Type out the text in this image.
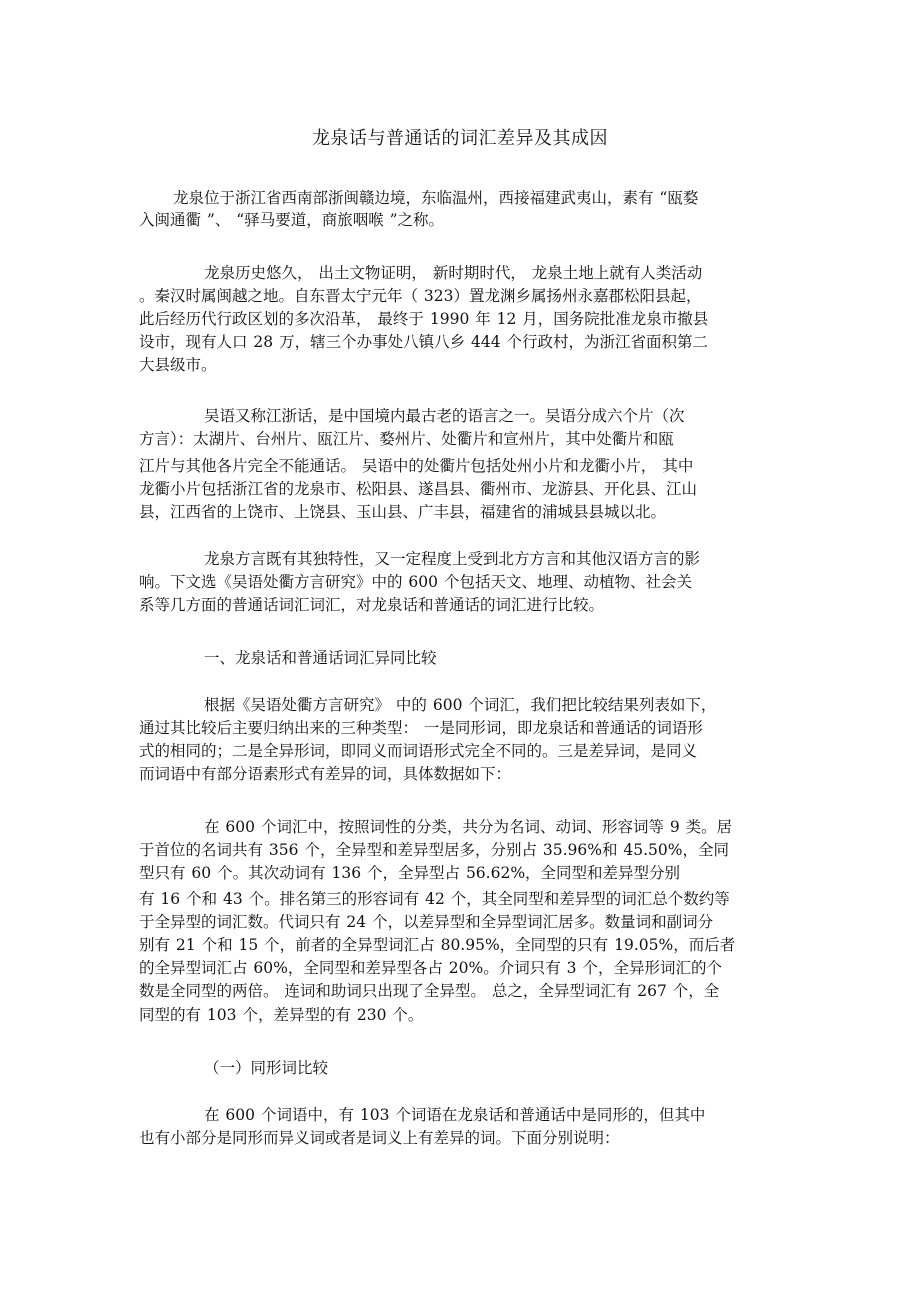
龙泉话与普通话的词汇差异及其成因
龙泉位于浙江省西南部浙闽赣边境，东临温州，西接福建武夷山，素有 “瓯婺
入闽通衢 ”、 “驿马要道，商旅咽喉 ”之称。
龙泉历史悠久， 出土文物证明， 新时期时代， 龙泉土地上就有人类活动
。秦汉时属闽越之地。自东晋太宁元年（ 323）置龙渊乡属扬州永嘉郡松阳县起，
此后经历代行政区划的多次沿革， 最终于 1990 年 12 月，国务院批准龙泉市撤县
设市，现有人口 28 万，辖三个办事处八镇八乡 444 个行政村，为浙江省面积第二
大县级市。
吴语又称江浙话，是中国境内最古老的语言之一。吴语分成六个片（次
方言）：太湖片、台州片、瓯江片、婺州片、处衢片和宣州片，其中处衢片和瓯
江片与其他各片完全不能通话。 吴语中的处衢片包括处州小片和龙衢小片， 其中
龙衢小片包括浙江省的龙泉市、松阳县、遂昌县、衢州市、龙游县、开化县、江山
县，江西省的上饶市、上饶县、玉山县、广丰县，福建省的浦城县县城以北。
龙泉方言既有其独特性，又一定程度上受到北方方言和其他汉语方言的影
响。下文选《吴语处衢方言研究》中的 600 个包括天文、地理、动植物、社会关
系等几方面的普通话词汇词汇，对龙泉话和普通话的词汇进行比较。
一、龙泉话和普通话词汇异同比较
根据《吴语处衢方言研究》 中的 600 个词汇，我们把比较结果列表如下，
通过其比较后主要归纳出来的三种类型： 一是同形词，即龙泉话和普通话的词语形
式的相同的；二是全异形词，即同义而词语形式完全不同的。三是差异词，是同义
而词语中有部分语素形式有差异的词，具体数据如下：
在 600 个词汇中，按照词性的分类，共分为名词、动词、形容词等 9 类。居
于首位的名词共有 356 个，全异型和差异型居多，分别占 35.96%和 45.50%，全同
型只有 60 个。其次动词有 136 个，全异型占 56.62%，全同型和差异型分别
有 16 个和 43 个。排名第三的形容词有 42 个，其全同型和差异型的词汇总个数约等
于全异型的词汇数。代词只有 24 个，以差异型和全异型词汇居多。数量词和副词分
别有 21 个和 15 个，前者的全异型词汇占 80.95%，全同型的只有 19.05%，而后者
的全异型词汇占 60%，全同型和差异型各占 20%。介词只有 3 个，全异形词汇的个
数是全同型的两倍。 连词和助词只出现了全异型。 总之，全异型词汇有 267 个，全
同型的有 103 个，差异型的有 230 个。
（一）同形词比较
在 600 个词语中，有 103 个词语在龙泉话和普通话中是同形的，但其中
也有小部分是同形而异义词或者是词义上有差异的词。下面分别说明：
